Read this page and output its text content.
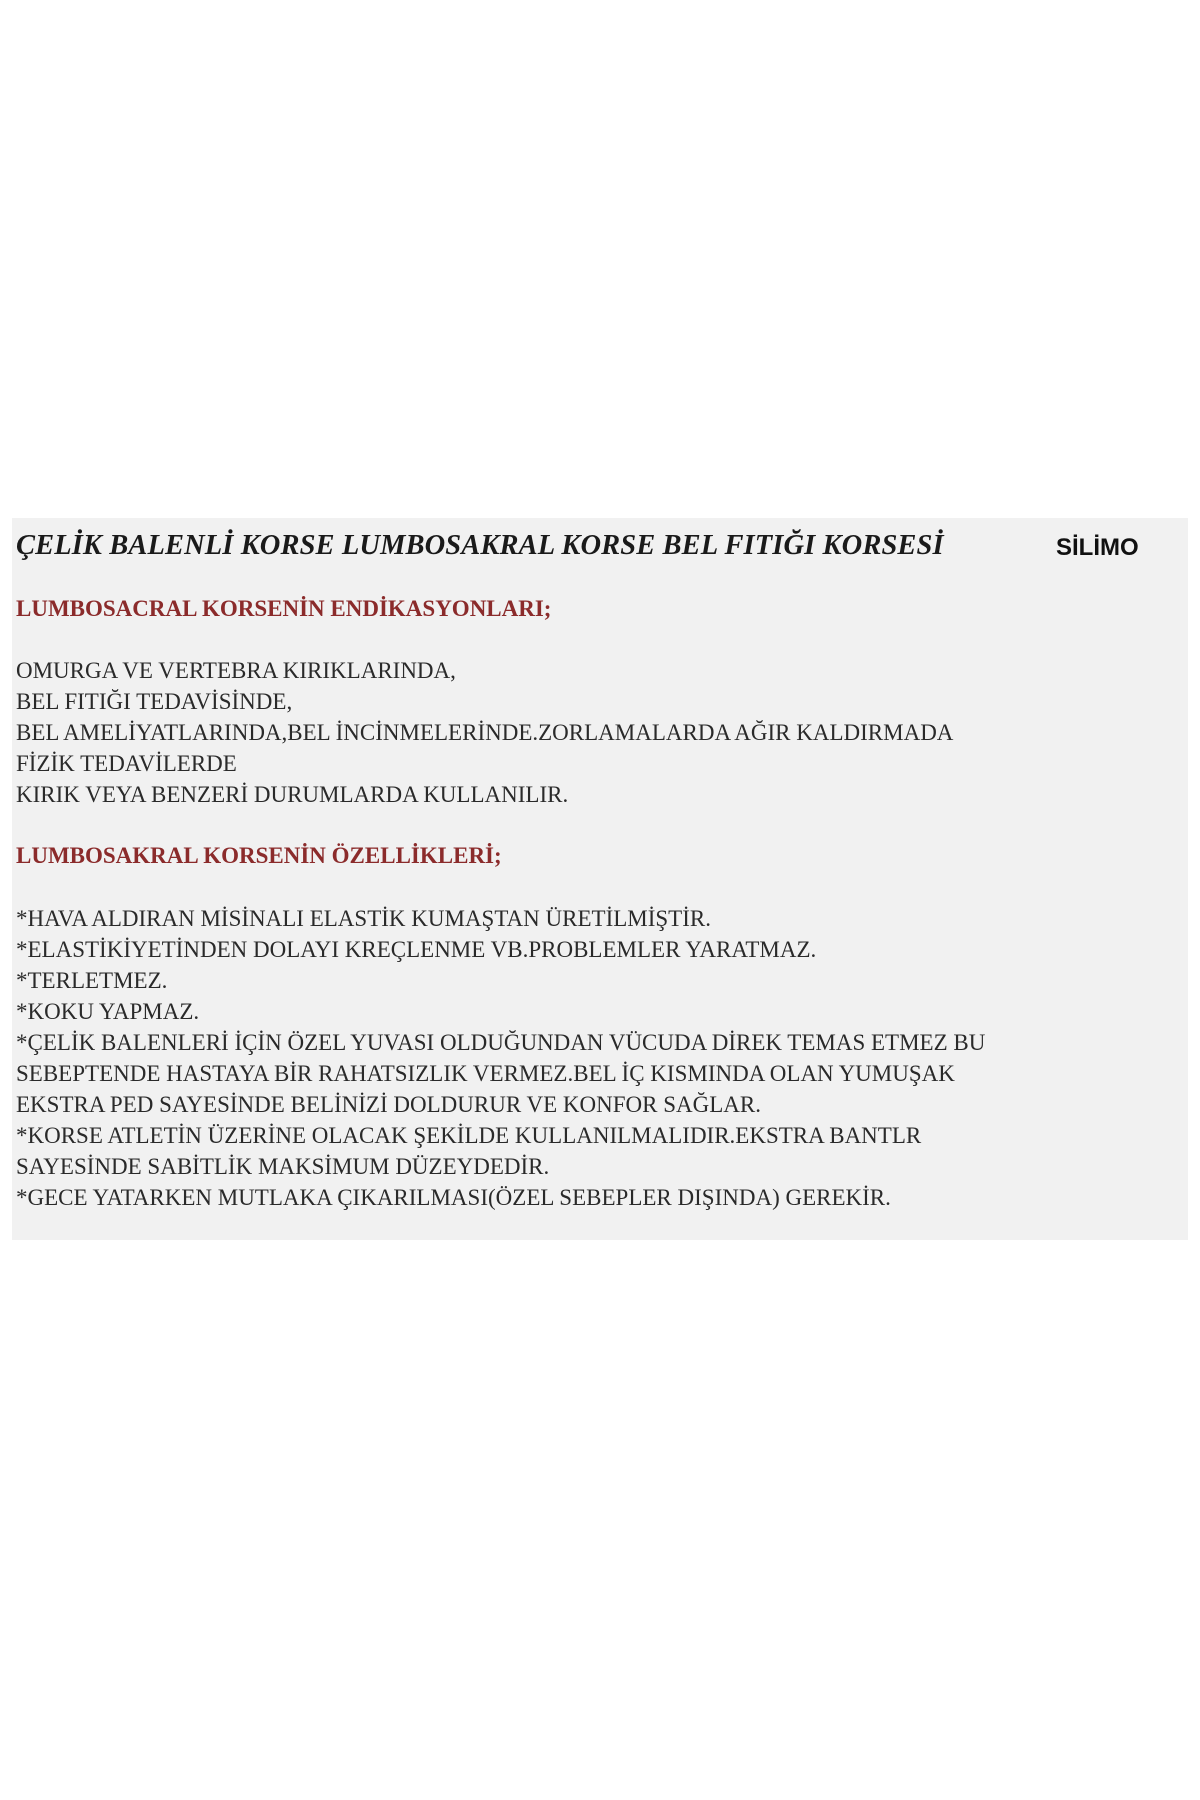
ÇELİK BALENLİ KORSE LUMBOSAKRAL KORSE BEL FITIĞI KORSESİ	SİLİMO
LUMBOSACRAL KORSENİN ENDİKASYONLARI;
OMURGA VE VERTEBRA KIRIKLARINDA,
BEL FITIĞI TEDAVİSİNDE,
BEL AMELİYATLARINDA,BEL İNCİNMELERİNDE.ZORLAMALARDA AĞIR KALDIRMADA
FİZİK TEDAVİLERDE
KIRIK VEYA BENZERİ DURUMLARDA KULLANILIR.
LUMBOSAKRAL KORSENİN ÖZELLİKLERİ;
*HAVA ALDIRAN MİSİNALI ELASTİK KUMAŞTAN ÜRETİLMİŞTİR.
*ELASTİKİYETİNDEN DOLAYI KREÇLENME VB.PROBLEMLER YARATMAZ.
*TERLETMEZ.
*KOKU YAPMAZ.
*ÇELİK BALENLERİ İÇİN ÖZEL YUVASI OLDUĞUNDAN VÜCUDA DİREK TEMAS ETMEZ BU
SEBEPTENDE HASTAYA BİR RAHATSIZLIK VERMEZ.BEL İÇ KISMINDA OLAN YUMUŞAK
EKSTRA PED SAYESİNDE BELİNİZİ DOLDURUR VE KONFOR SAĞLAR.
*KORSE ATLETİN ÜZERİNE OLACAK ŞEKİLDE KULLANILMALIDIR.EKSTRA BANTLR
SAYESİNDE SABİTLİK MAKSİMUM DÜZEYDEDİR.
*GECE YATARKEN MUTLAKA ÇIKARILMASI(ÖZEL SEBEPLER DIŞINDA) GEREKİR.
